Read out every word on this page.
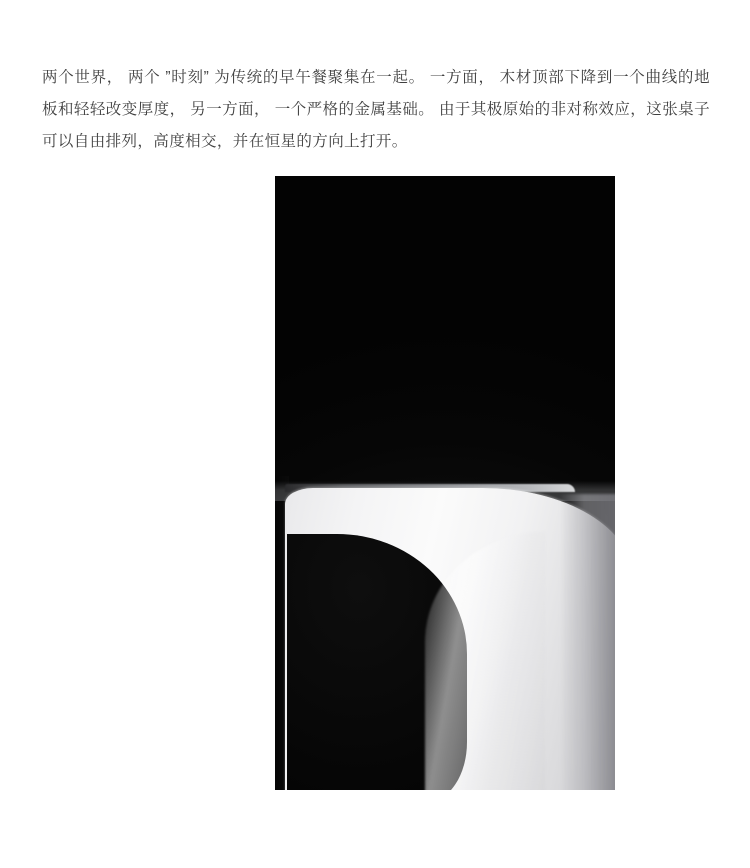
两个世界， 两个 ”时刻” 为传统的早午餐聚集在一起。 一方面， 木材顶部下降到一个曲线的地板和轻轻改变厚度， 另一方面， 一个严格的金属基础。 由于其极原始的非对称效应，这张桌子可以自由排列，高度相交，并在恒星的方向上打开。
